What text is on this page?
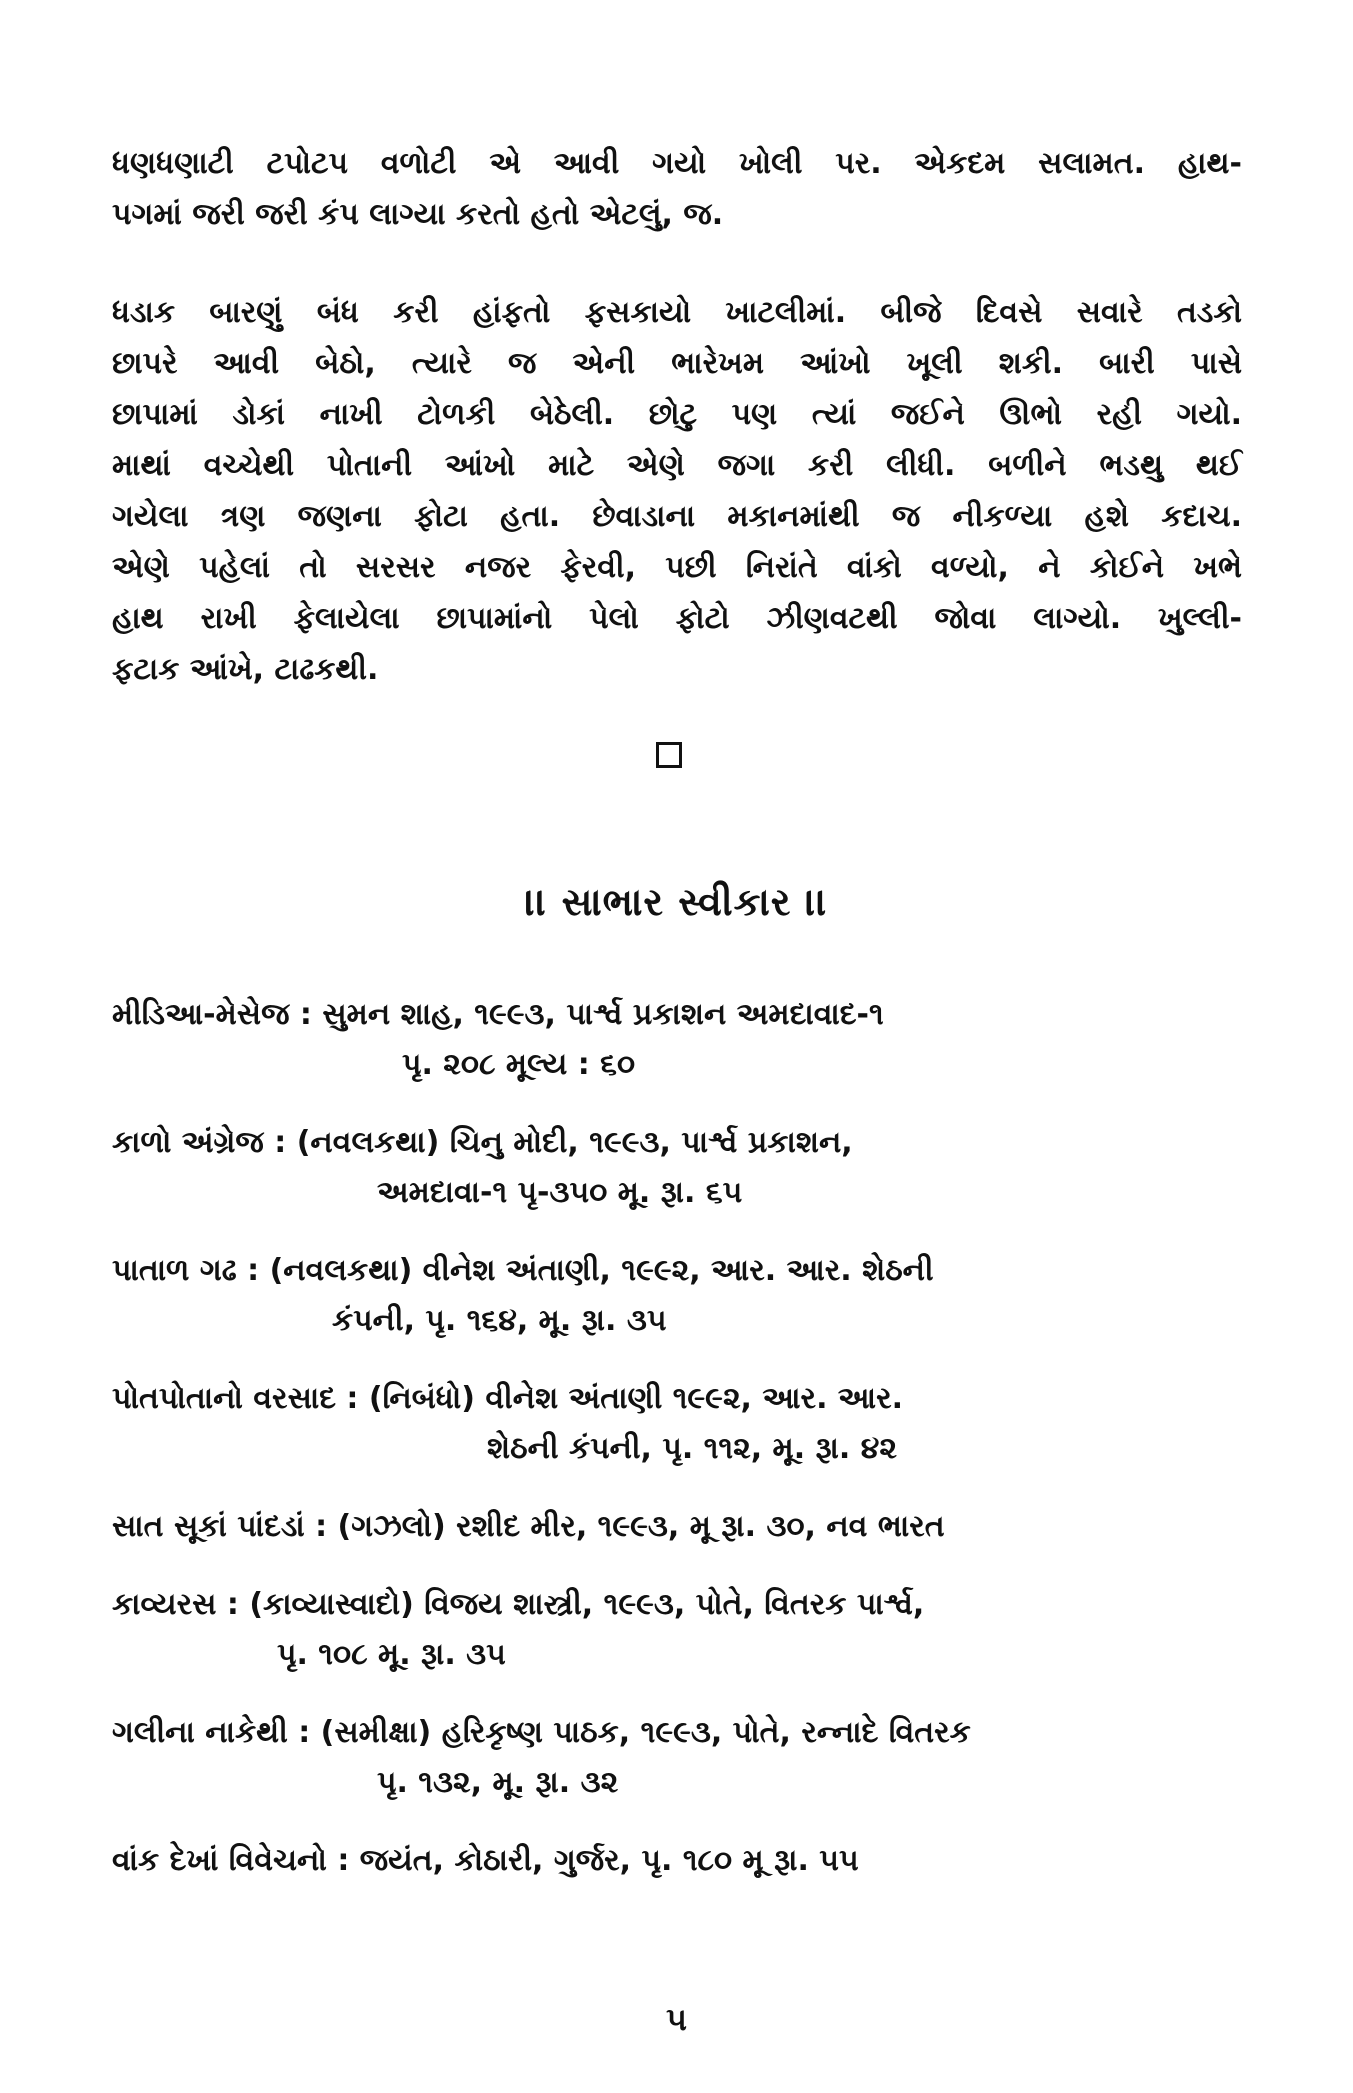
ધણધણાટી ટપોટપ વળોટી એ આવી ગયો ખોલી પર. એકદમ સલામત. હાથ-
પગમાં જરી જરી કંપ લાગ્યા કરતો હતો એટલું, જ.

ધડાક બારણું બંધ કરી હાંફતો ફસકાયો ખાટલીમાં. બીજે દિવસે સવારે તડકો
છાપરે આવી બેઠો, ત્યારે જ એની ભારેખમ આંખો ખૂલી શકી. બારી પાસે
છાપામાં ડોકાં નાખી ટોળકી બેઠેલી. છોટુ પણ ત્યાં જઈને ઊભો રહી ગયો.
માથાં વચ્ચેથી પોતાની આંખો માટે એણે જગા કરી લીધી. બળીને ભડથુ થઈ
ગયેલા ત્રણ જણના ફોટા હતા. છેવાડાના મકાનમાંથી જ નીકળ્યા હશે કદાચ.
એણે પહેલાં તો સરસર નજર ફેરવી, પછી નિરાંતે વાંકો વળ્યો, ને કોઈને ખભે
હાથ રાખી ફેલાયેલા છાપામાંનો પેલો ફોટો ઝીણવટથી જોવા લાગ્યો. ખુલ્લી-
ફટાક આંખે, ટાઢકથી.

।। સાભાર સ્વીકાર ।।
મીડિઆ-મેસેજ : સુમન શાહ, ૧૯૯૩, પાર્શ્વ પ્રકાશન અમદાવાદ-૧
પૃ. ૨૦૮ મૂલ્ય : ૬૦
કાળો અંગ્રેજ : (નવલકથા) ચિનુ મોદી, ૧૯૯૩, પાર્શ્વ પ્રકાશન,
અમદાવા-૧ પૃ-૩૫૦ મૂ. રૂા. ૬૫
પાતાળ ગઢ : (નવલકથા) વીનેશ અંતાણી, ૧૯૯૨, આર. આર. શેઠની
કંપની, પૃ. ૧૬૪, મૂ. રૂા. ૩૫
પોતપોતાનો વરસાદ : (નિબંધો) વીનેશ અંતાણી ૧૯૯૨, આર. આર.
શેઠની કંપની, પૃ. ૧૧૨, મૂ. રૂા. ૪૨
સાત સૂકાં પાંદડાં : (ગઝલો) રશીદ મીર, ૧૯૯૩, મૂ રૂા. ૩૦, નવ ભારત
કાવ્યરસ : (કાવ્યાસ્વાદો) વિજય શાસ્ત્રી, ૧૯૯૩, પોતે, વિતરક પાર્શ્વ,
પૃ. ૧૦૮ મૂ. રૂા. ૩૫
ગલીના નાકેથી : (સમીક્ષા) હરિકૃષ્ણ પાઠક, ૧૯૯૩, પોતે, રન્નાદે વિતરક
પૃ. ૧૩૨, મૂ. રૂા. ૩૨
વાંક દેખાં વિવેચનો : જયંત, કોઠારી, ગુર્જર, પૃ. ૧૮૦ મૂ રૂા. ૫૫
૫
